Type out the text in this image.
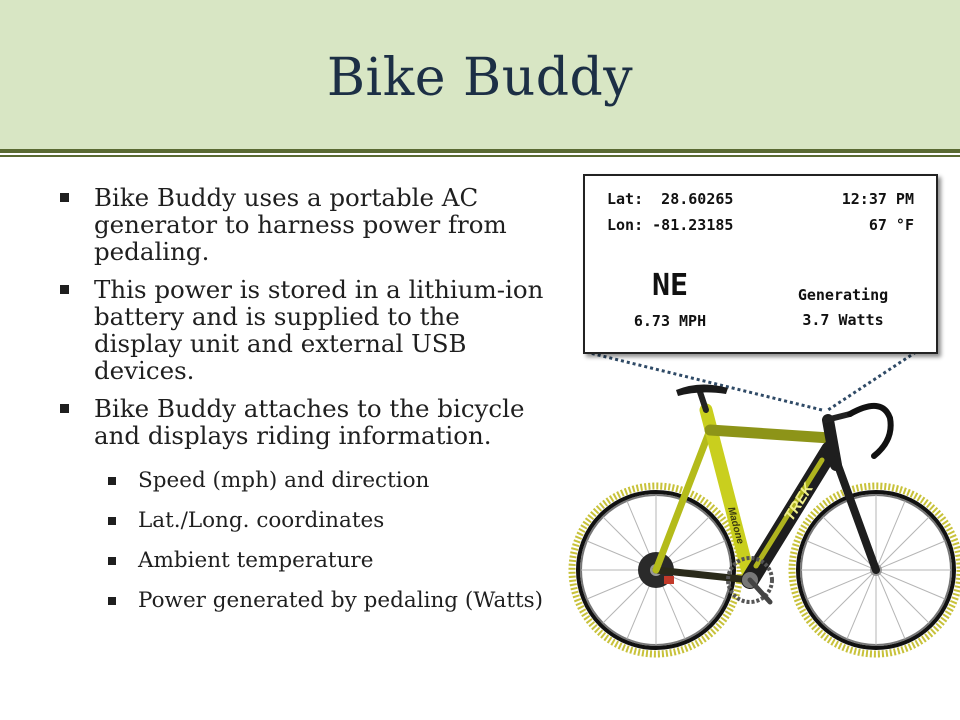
Bike Buddy
Bike Buddy uses a portable AC generator to harness power from pedaling.
This power is stored in a lithium-ion battery and is supplied to the display unit and external USB devices.
Bike Buddy attaches to the bicycle and displays riding information.
Speed (mph) and direction
Lat./Long. coordinates
Ambient temperature
Power generated by pedaling (Watts)
TREK
Madone
Lat:  28.60265
Lon: -81.23185
12:37 PM
67 °F
NE
6.73 MPH
Generating
3.7 Watts
